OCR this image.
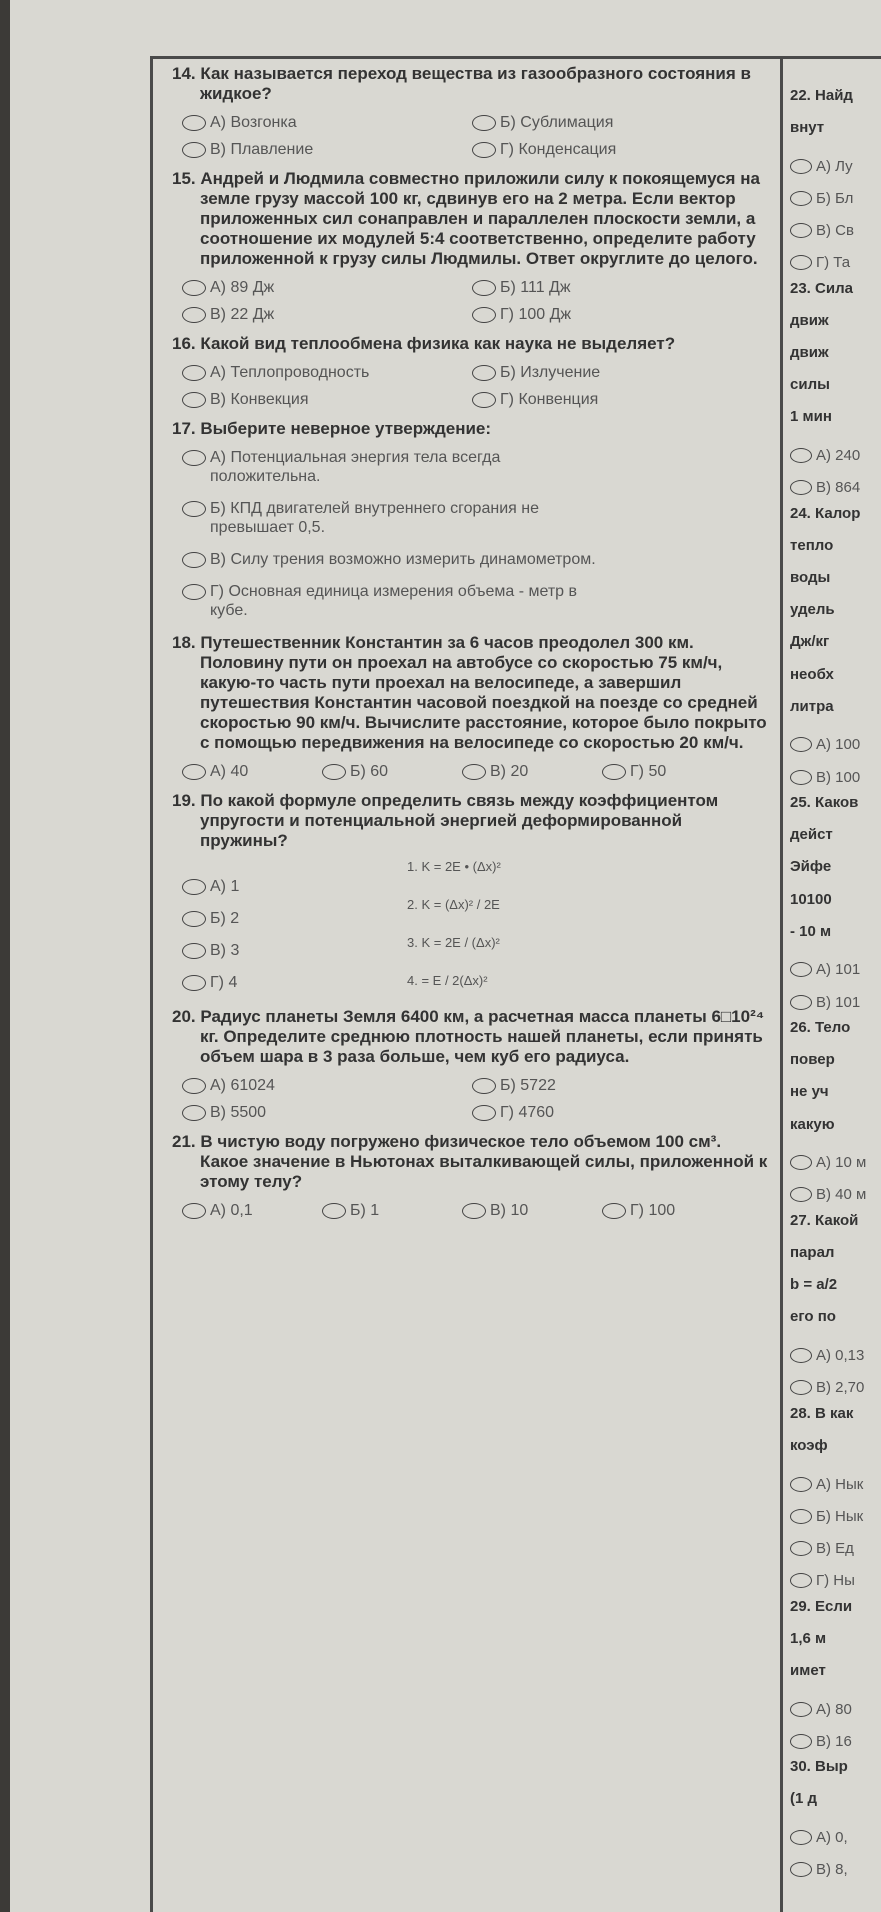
14. Как называется переход вещества из газообразного состояния в жидкое?
А) Возгонка	Б) Сублимация
В) Плавление	Г) Конденсация
15. Андрей и Людмила совместно приложили силу к покоящемуся на земле грузу массой 100 кг, сдвинув его на 2 метра. Если вектор приложенных сил сонаправлен и параллелен плоскости земли, а соотношение их модулей 5:4 соответственно, определите работу приложенной к грузу силы Людмилы. Ответ округлите до целого.
А) 89 Дж	Б) 111 Дж
В) 22 Дж	Г) 100 Дж
16. Какой вид теплообмена физика как наука не выделяет?
А) Теплопроводность	Б) Излучение
В) Конвекция	Г) Конвенция
17. Выберите неверное утверждение:
А) Потенциальная энергия тела всегда положительна.
Б) КПД двигателей внутреннего сгорания не превышает 0,5.
В) Силу трения возможно измерить динамометром.
Г) Основная единица измерения объема - метр в кубе.
18. Путешественник Константин за 6 часов преодолел 300 км. Половину пути он проехал на автобусе со скоростью 75 км/ч, какую-то часть пути проехал на велосипеде, а завершил путешествия Константин часовой поездкой на поезде со средней скоростью 90 км/ч. Вычислите расстояние, которое было покрыто с помощью передвижения на велосипеде со скоростью 20 км/ч.
А) 40	Б) 60	В) 20	Г) 50
19. По какой формуле определить связь между коэффициентом упругости и потенциальной энергией деформированной пружины?
А) 1
Б) 2
В) 3
Г) 4
1. K = 2E • (Δx)²
2. K = (Δx)² / 2E
3. K = 2E / (Δx)²
4. = E / 2(Δx)²
20. Радиус планеты Земля 6400 км, а расчетная масса планеты 6□10²⁴ кг. Определите среднюю плотность нашей планеты, если принять объем шара в 3 раза больше, чем куб его радиуса.
А) 61024	Б) 5722
В) 5500	Г) 4760
21. В чистую воду погружено физическое тело объемом 100 см³. Какое значение в Ньютонах выталкивающей силы, приложенной к этому телу?
А) 0,1	Б) 1	В) 10	Г) 100
22. Найд
внут
А) Лу
Б) Бл
В) Св
Г) Та
23. Сила
движ
движ
силы
1 мин
А) 240
В) 864
24. Калор
тепло
воды
удель
Дж/кг
необх
литра
А) 100
В) 100
25. Каков
дейст
Эйфе
10100
- 10 м
А) 101
В) 101
26. Тело
повер
не уч
какую
А) 10 м
В) 40 м
27. Какой
парал
b = a/2
его по
А) 0,13
В) 2,70
28. В как
коэф
А) Нык
Б) Нык
В) Ед
Г) Ны
29. Если
1,6 м
имет
А) 80
В) 16
30. Выр
(1 д
А) 0,
В) 8,
